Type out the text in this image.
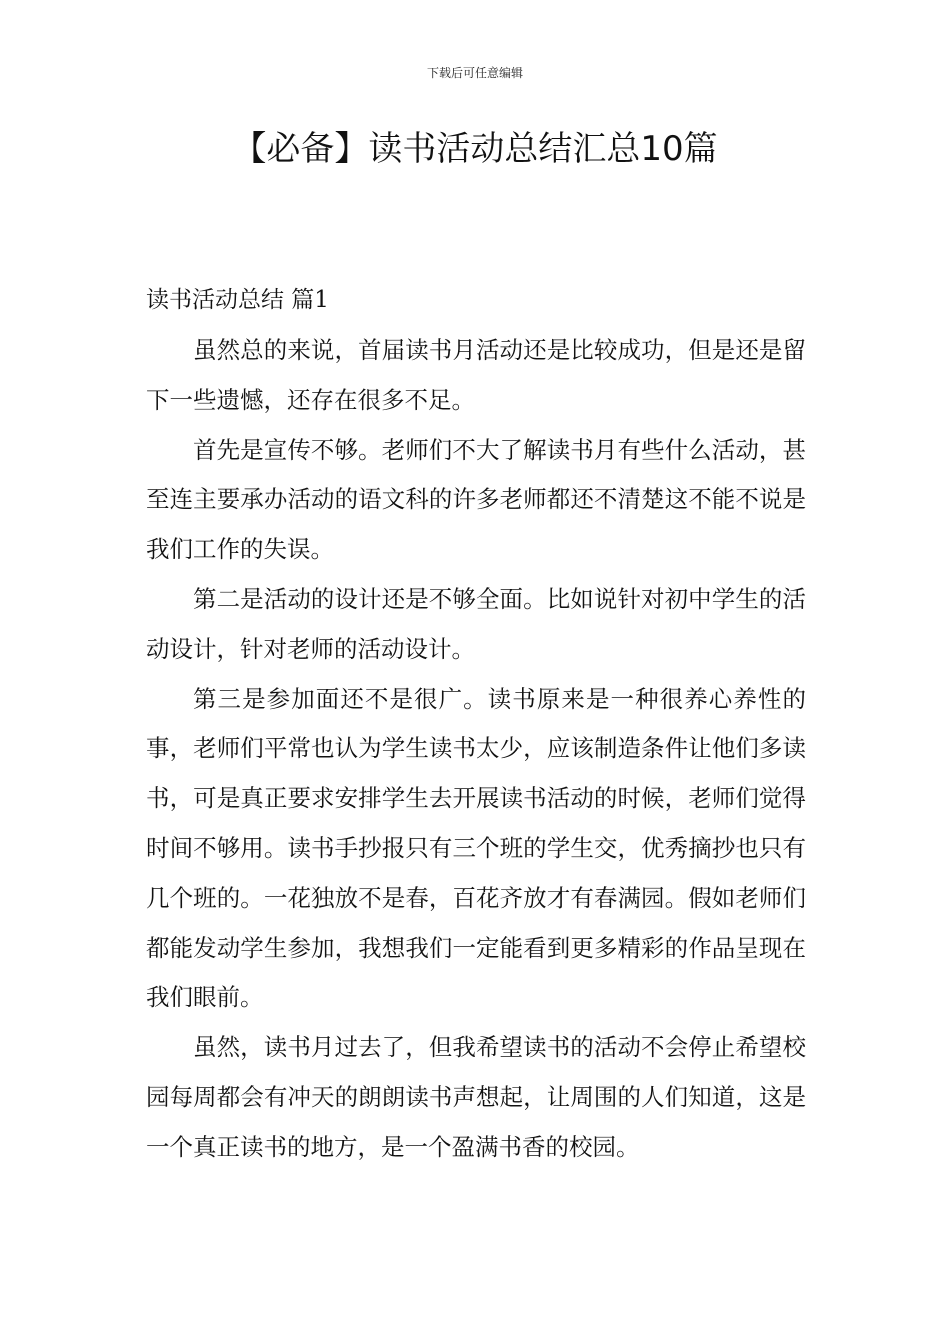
下载后可任意编辑
【必备】读书活动总结汇总10篇
读书活动总结 篇1

虽然总的来说，首届读书月活动还是比较成功，但是还是留下一些遗憾，还存在很多不足。

首先是宣传不够。老师们不大了解读书月有些什么活动，甚至连主要承办活动的语文科的许多老师都还不清楚这不能不说是我们工作的失误。

第二是活动的设计还是不够全面。比如说针对初中学生的活动设计，针对老师的活动设计。

第三是参加面还不是很广。读书原来是一种很养心养性的事，老师们平常也认为学生读书太少，应该制造条件让他们多读书，可是真正要求安排学生去开展读书活动的时候，老师们觉得时间不够用。读书手抄报只有三个班的学生交，优秀摘抄也只有几个班的。一花独放不是春，百花齐放才有春满园。假如老师们都能发动学生参加，我想我们一定能看到更多精彩的作品呈现在我们眼前。

虽然，读书月过去了，但我希望读书的活动不会停止希望校园每周都会有冲天的朗朗读书声想起，让周围的人们知道，这是一个真正读书的地方，是一个盈满书香的校园。
